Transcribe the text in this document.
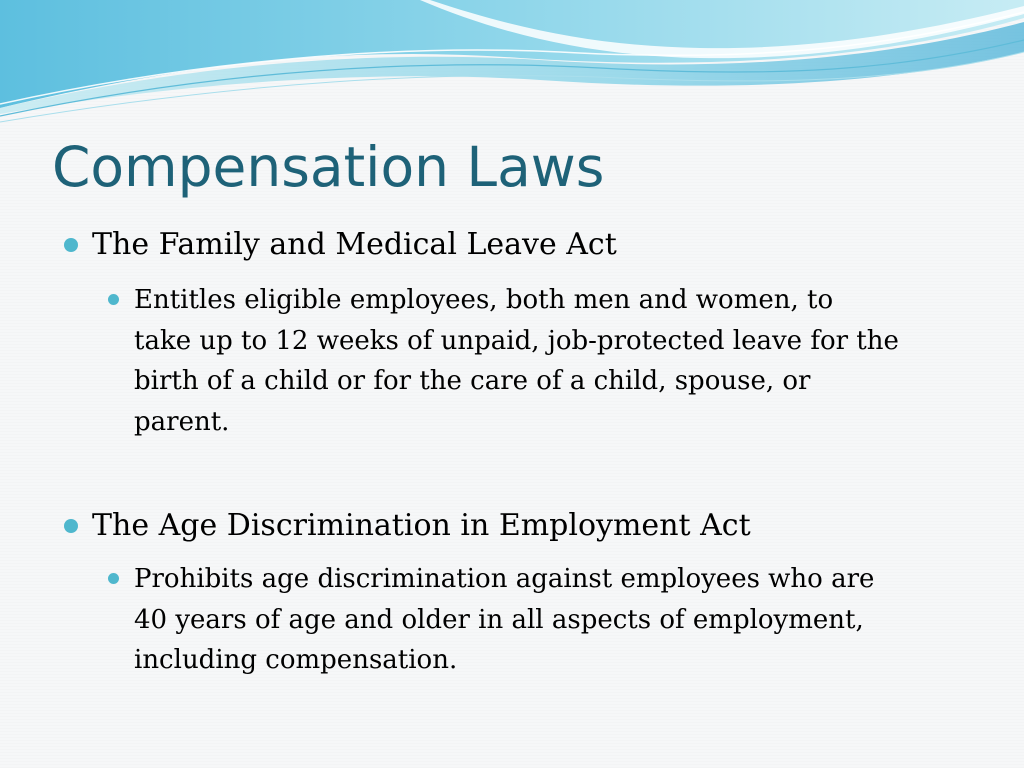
Compensation Laws

The Family and Medical Leave Act

Entitles eligible employees, both men and women, to
take up to 12 weeks of unpaid, job-protected leave for the
birth of a child or for the care of a child, spouse, or
parent.

The Age Discrimination in Employment Act

Prohibits age discrimination against employees who are
40 years of age and older in all aspects of employment,
including compensation.
